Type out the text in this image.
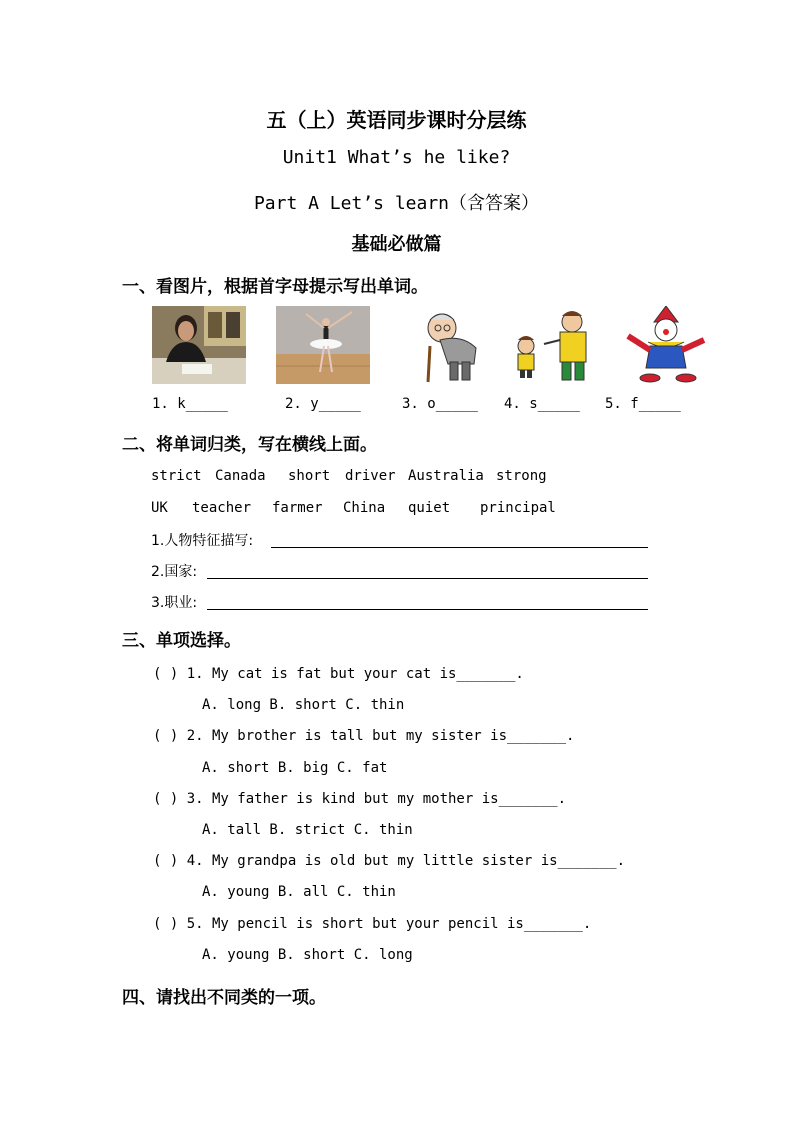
五（上）英语同步课时分层练
Unit1 What’s he like?
Part A Let’s learn（含答案）
基础必做篇
一、看图片，根据首字母提示写出单词。
1. k_____	2. y_____	3. o_____ 4. s_____ 5. f_____
二、将单词归类，写在横线上面。
strict Canada short driver Australia strong
UK teacher farmer China quiet principal
1.人物特征描写:
2.国家:
3.职业:
三、单项选择。
( ) 1. My cat is fat but your cat is_______.
A. long B. short C. thin
( ) 2. My brother is tall but my sister is_______.
A. short B. big C. fat
( ) 3. My father is kind but my mother is_______.
A. tall B. strict C. thin
( ) 4. My grandpa is old but my little sister is_______.
A. young B. all C. thin
( ) 5. My pencil is short but your pencil is_______.
A. young B. short C. long
四、请找出不同类的一项。
